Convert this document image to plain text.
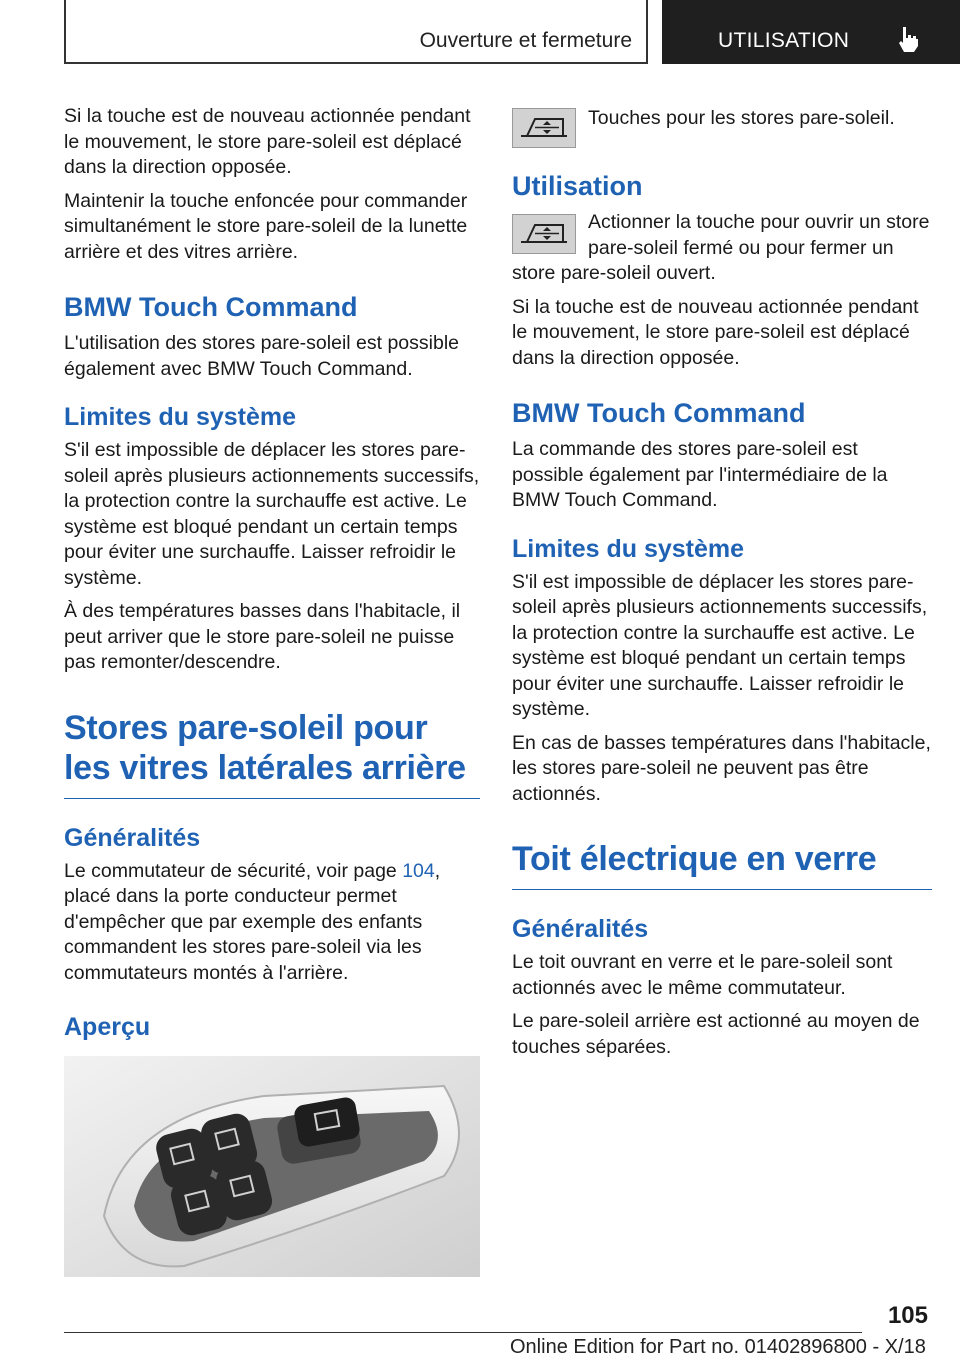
Ouverture et fermeture	UTILISATION

Si la touche est de nouveau actionnée pendant le mouvement, le store pare-soleil est déplacé dans la direction opposée.

Maintenir la touche enfoncée pour commander simultanément le store pare-soleil de la lunette arrière et des vitres arrière.

BMW Touch Command

L'utilisation des stores pare-soleil est possible également avec BMW Touch Command.

Limites du système

S'il est impossible de déplacer les stores pare-soleil après plusieurs actionnements successifs, la protection contre la surchauffe est active. Le système est bloqué pendant un certain temps pour éviter une surchauffe. Laisser refroidir le système.

À des températures basses dans l'habitacle, il peut arriver que le store pare-soleil ne puisse pas remonter/descendre.

Stores pare-soleil pour les vitres latérales arrière
Généralités

Le commutateur de sécurité, voir page 104, placé dans la porte conducteur permet d'empêcher que par exemple des enfants commandent les stores pare-soleil via les commutateurs montés à l'arrière.

Aperçu

Touches pour les stores pare-soleil.

Utilisation

Actionner la touche pour ouvrir un store pare-soleil fermé ou pour fermer un store pare-soleil ouvert.

Si la touche est de nouveau actionnée pendant le mouvement, le store pare-soleil est déplacé dans la direction opposée.

BMW Touch Command

La commande des stores pare-soleil est possible également par l'intermédiaire de la BMW Touch Command.

Limites du système

S'il est impossible de déplacer les stores pare-soleil après plusieurs actionnements successifs, la protection contre la surchauffe est active. Le système est bloqué pendant un certain temps pour éviter une surchauffe. Laisser refroidir le système.

En cas de basses températures dans l'habitacle, les stores pare-soleil ne peuvent pas être actionnés.

Toit électrique en verre
Généralités

Le toit ouvrant en verre et le pare-soleil sont actionnés avec le même commutateur.

Le pare-soleil arrière est actionné au moyen de touches séparées.

105
Online Edition for Part no. 01402896800 - X/18
